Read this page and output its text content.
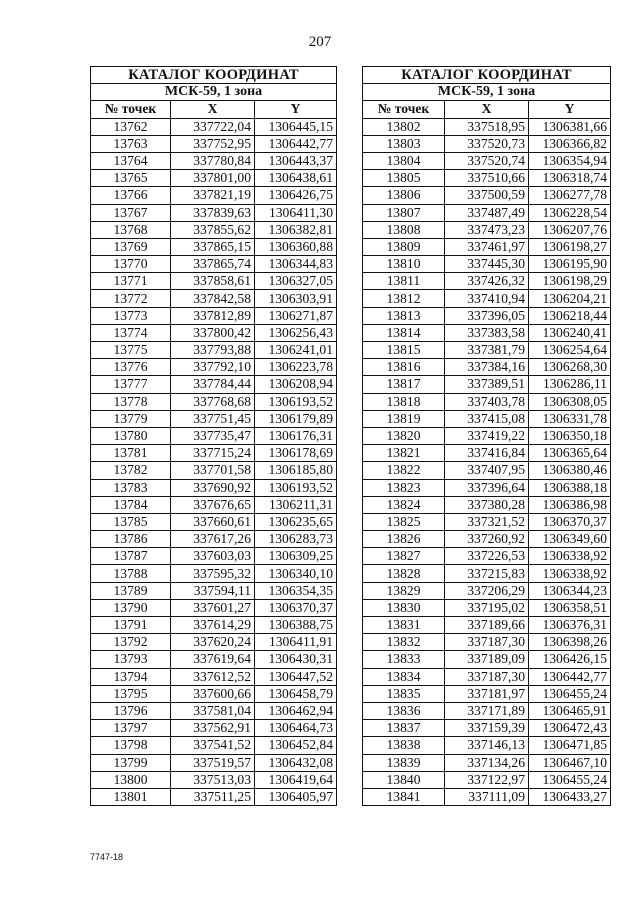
207
КАТАЛОГ КООРДИНАТ		
МСК-59, 1 зона		
№ точек	X	Y
13762	337722,04	1306445,15
13763	337752,95	1306442,77
13764	337780,84	1306443,37
13765	337801,00	1306438,61
13766	337821,19	1306426,75
13767	337839,63	1306411,30
13768	337855,62	1306382,81
13769	337865,15	1306360,88
13770	337865,74	1306344,83
13771	337858,61	1306327,05
13772	337842,58	1306303,91
13773	337812,89	1306271,87
13774	337800,42	1306256,43
13775	337793,88	1306241,01
13776	337792,10	1306223,78
13777	337784,44	1306208,94
13778	337768,68	1306193,52
13779	337751,45	1306179,89
13780	337735,47	1306176,31
13781	337715,24	1306178,69
13782	337701,58	1306185,80
13783	337690,92	1306193,52
13784	337676,65	1306211,31
13785	337660,61	1306235,65
13786	337617,26	1306283,73
13787	337603,03	1306309,25
13788	337595,32	1306340,10
13789	337594,11	1306354,35
13790	337601,27	1306370,37
13791	337614,29	1306388,75
13792	337620,24	1306411,91
13793	337619,64	1306430,31
13794	337612,52	1306447,52
13795	337600,66	1306458,79
13796	337581,04	1306462,94
13797	337562,91	1306464,73
13798	337541,52	1306452,84
13799	337519,57	1306432,08
13800	337513,03	1306419,64
13801	337511,25	1306405,97
КАТАЛОГ КООРДИНАТ		
МСК-59, 1 зона		
№ точек	X	Y
13802	337518,95	1306381,66
13803	337520,73	1306366,82
13804	337520,74	1306354,94
13805	337510,66	1306318,74
13806	337500,59	1306277,78
13807	337487,49	1306228,54
13808	337473,23	1306207,76
13809	337461,97	1306198,27
13810	337445,30	1306195,90
13811	337426,32	1306198,29
13812	337410,94	1306204,21
13813	337396,05	1306218,44
13814	337383,58	1306240,41
13815	337381,79	1306254,64
13816	337384,16	1306268,30
13817	337389,51	1306286,11
13818	337403,78	1306308,05
13819	337415,08	1306331,78
13820	337419,22	1306350,18
13821	337416,84	1306365,64
13822	337407,95	1306380,46
13823	337396,64	1306388,18
13824	337380,28	1306386,98
13825	337321,52	1306370,37
13826	337260,92	1306349,60
13827	337226,53	1306338,92
13828	337215,83	1306338,92
13829	337206,29	1306344,23
13830	337195,02	1306358,51
13831	337189,66	1306376,31
13832	337187,30	1306398,26
13833	337189,09	1306426,15
13834	337187,30	1306442,77
13835	337181,97	1306455,24
13836	337171,89	1306465,91
13837	337159,39	1306472,43
13838	337146,13	1306471,85
13839	337134,26	1306467,10
13840	337122,97	1306455,24
13841	337111,09	1306433,27
7747-18
